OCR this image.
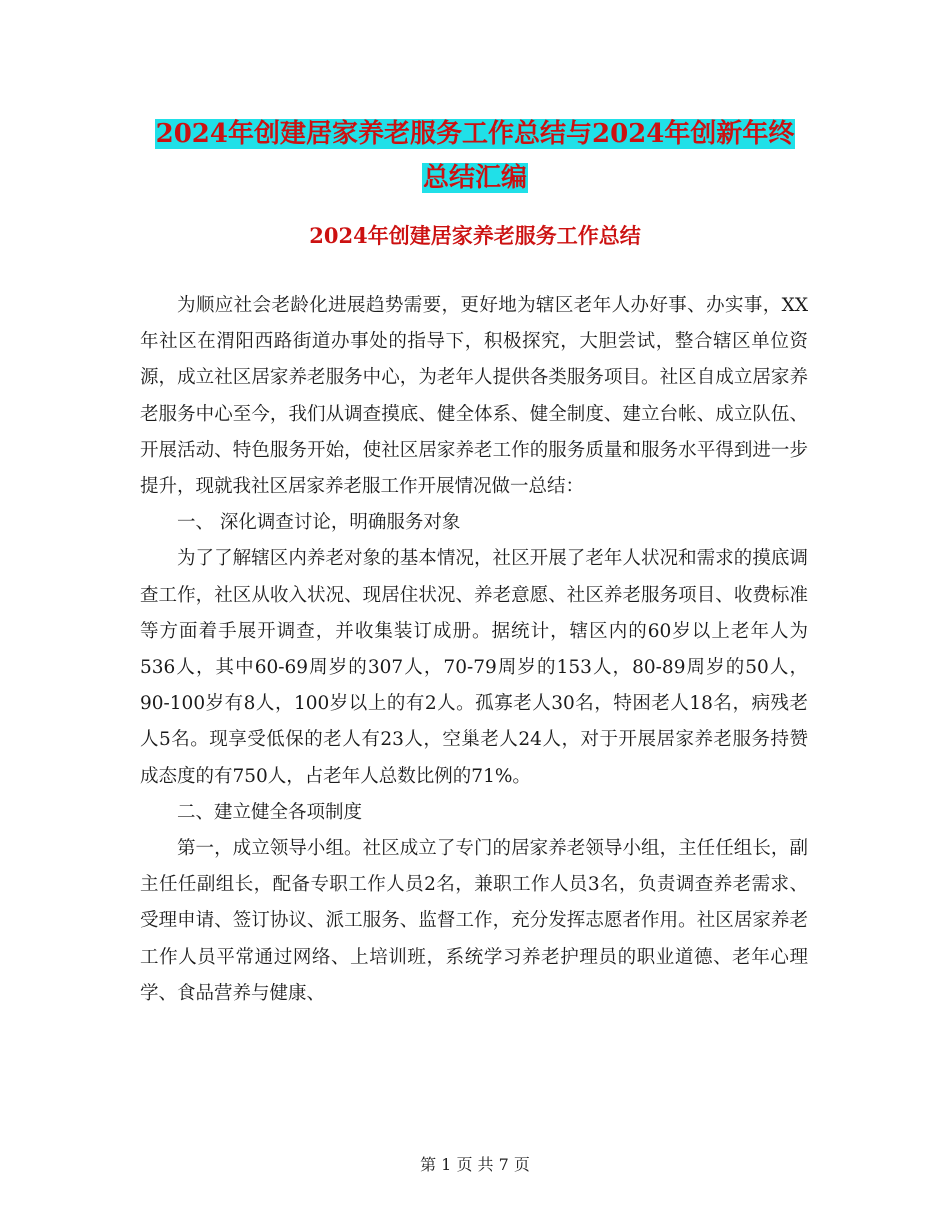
2024年创建居家养老服务工作总结与2024年创新年终
总结汇编
2024年创建居家养老服务工作总结

为顺应社会老龄化进展趋势需要，更好地为辖区老年人办好事、办实事，XX年社区在渭阳西路街道办事处的指导下，积极探究，大胆尝试，整合辖区单位资源，成立社区居家养老服务中心，为老年人提供各类服务项目。社区自成立居家养老服务中心至今，我们从调查摸底、健全体系、健全制度、建立台帐、成立队伍、开展活动、特色服务开始，使社区居家养老工作的服务质量和服务水平得到进一步提升，现就我社区居家养老服工作开展情况做一总结：

一、 深化调查讨论，明确服务对象

为了了解辖区内养老对象的基本情况，社区开展了老年人状况和需求的摸底调查工作，社区从收入状况、现居住状况、养老意愿、社区养老服务项目、收费标准等方面着手展开调查，并收集装订成册。据统计，辖区内的60岁以上老年人为536人，其中60-69周岁的307人，70-79周岁的153人，80-89周岁的50人，90-100岁有8人，100岁以上的有2人。孤寡老人30名，特困老人18名，病残老人5名。现享受低保的老人有23人，空巢老人24人，对于开展居家养老服务持赞成态度的有750人，占老年人总数比例的71%。

二、建立健全各项制度

第一，成立领导小组。社区成立了专门的居家养老领导小组，主任任组长，副主任任副组长，配备专职工作人员2名，兼职工作人员3名，负责调查养老需求、受理申请、签订协议、派工服务、监督工作，充分发挥志愿者作用。社区居家养老工作人员平常通过网络、上培训班，系统学习养老护理员的职业道德、老年心理学、食品营养与健康、

第 1 页 共 7 页
